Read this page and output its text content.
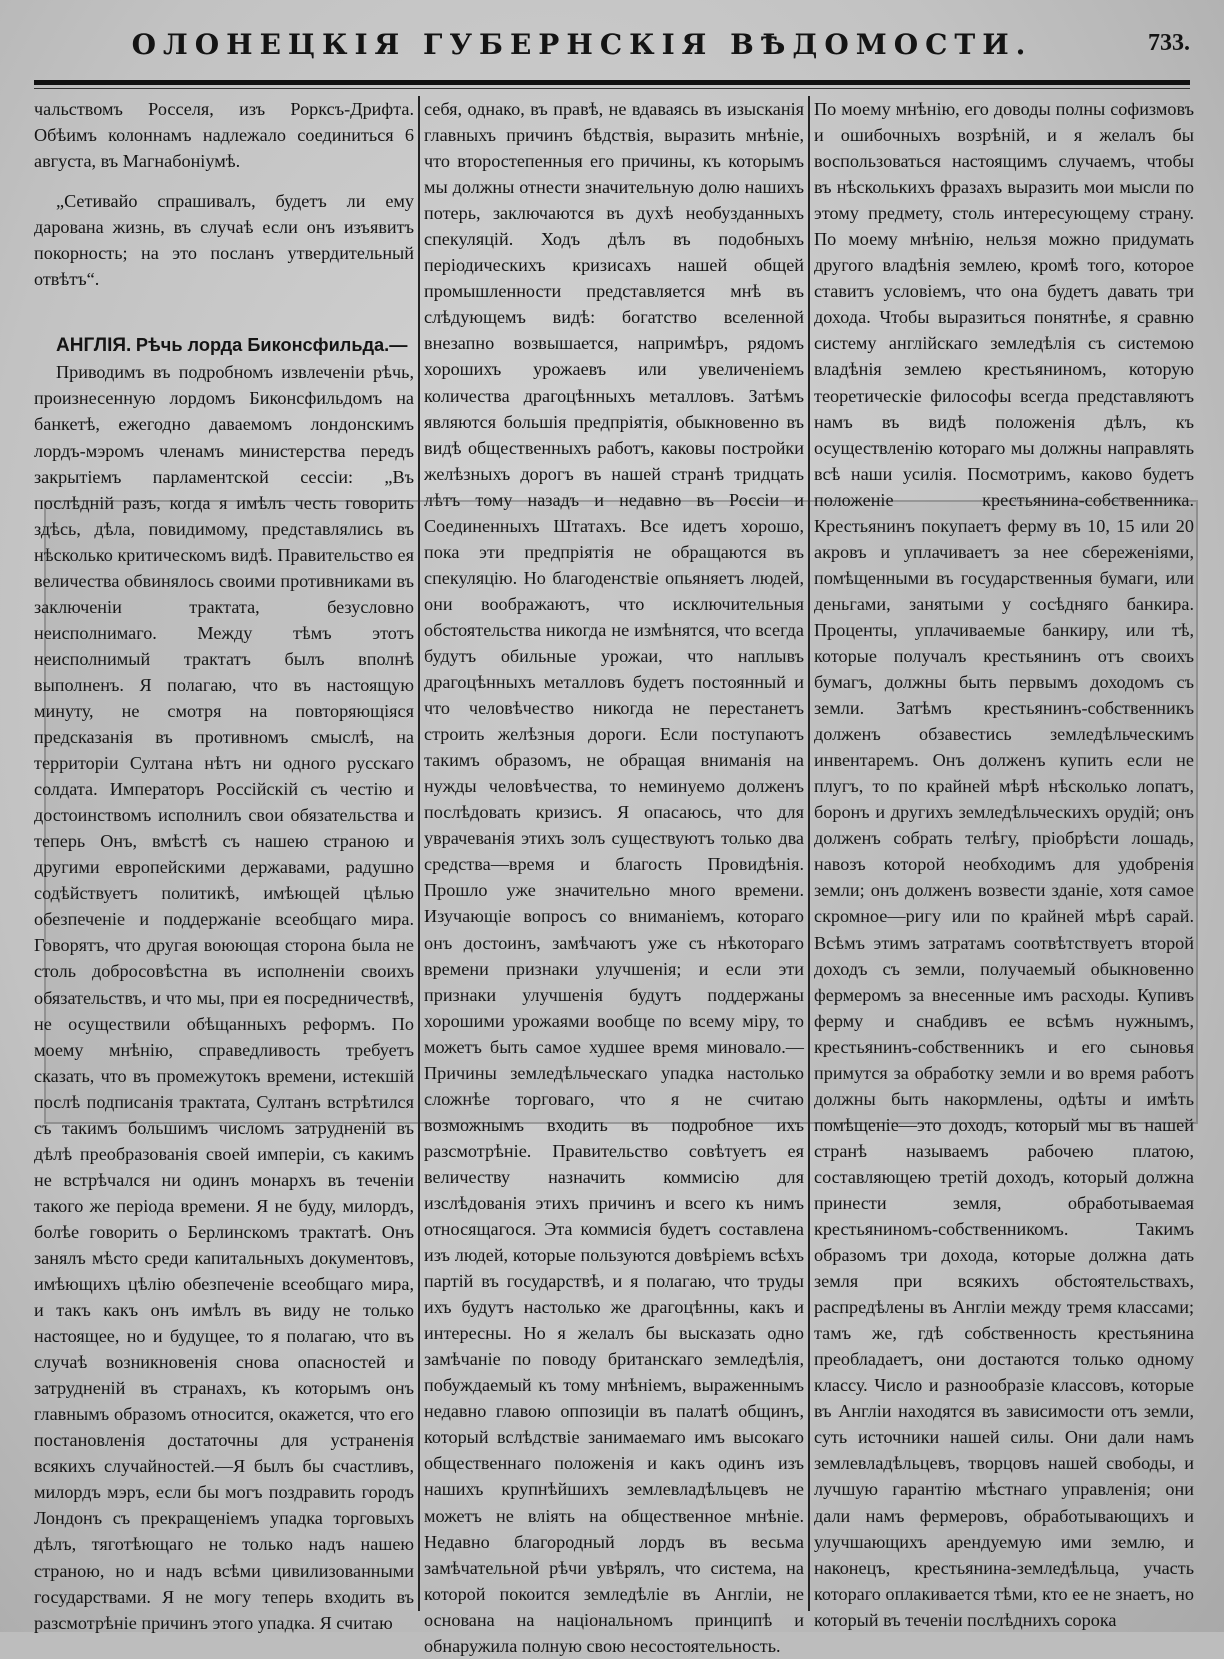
ОЛОНЕЦКІЯ ГУБЕРНСКІЯ ВѢДОМОСТИ.	733.

чальствомъ Росселя, изъ Рорксъ-Дрифта. Обѣимъ колоннамъ надлежало соединиться 6 августа, въ Магнабоніумѣ.

„Сетивайо спрашивалъ, будетъ ли ему дарована жизнь, въ случаѣ если онъ изъявитъ покорность; на это посланъ утвердительный отвѣтъ“.

АНГЛІЯ. Рѣчь лорда Биконсфильда.—

Приводимъ въ подробномъ извлеченіи рѣчь, произнесенную лордомъ Биконсфильдомъ на банкетѣ, ежегодно даваемомъ лондонскимъ лордъ-мэромъ членамъ министерства передъ закрытіемъ парламентской сессіи: „Въ послѣдній разъ, когда я имѣлъ честь говорить здѣсь, дѣла, повидимому, представлялись въ нѣсколько критическомъ видѣ. Правительство ея величества обвинялось своими противниками въ заключеніи трактата, безусловно неисполнимаго. Между тѣмъ этотъ неисполнимый трактатъ былъ вполнѣ выполненъ. Я полагаю, что въ настоящую минуту, не смотря на повторяющіяся предсказанія въ противномъ смыслѣ, на территоріи Султана нѣтъ ни одного русскаго солдата. Императоръ Россійскій съ честію и достоинствомъ исполнилъ свои обязательства и теперь Онъ, вмѣстѣ съ нашею страною и другими европейскими державами, радушно содѣйствуетъ политикѣ, имѣющей цѣлью обезпеченіе и поддержаніе всеобщаго мира. Говорятъ, что другая воюющая сторона была не столь добросовѣстна въ исполненіи своихъ обязательствъ, и что мы, при ея посредничествѣ, не осуществили обѣщанныхъ реформъ. По моему мнѣнію, справедливость требуетъ сказать, что въ промежутокъ времени, истекшій послѣ подписанія трактата, Султанъ встрѣтился съ такимъ большимъ числомъ затрудненій въ дѣлѣ преобразованія своей имперіи, съ какимъ не встрѣчался ни одинъ монархъ въ теченіи такого же періода времени. Я не буду, милордъ, болѣе говорить о Берлинскомъ трактатѣ. Онъ занялъ мѣсто среди капитальныхъ документовъ, имѣющихъ цѣлію обезпеченіе всеобщаго мира, и такъ какъ онъ имѣлъ въ виду не только настоящее, но и будущее, то я полагаю, что въ случаѣ возникновенія снова опасностей и затрудненій въ странахъ, къ которымъ онъ главнымъ образомъ относится, окажется, что его постановленія достаточны для устраненія всякихъ случайностей.—Я былъ бы счастливъ, милордъ мэръ, если бы могъ поздравить городъ Лондонъ съ прекращеніемъ упадка торговыхъ дѣлъ, тяготѣющаго не только надъ нашею страною, но и надъ всѣми цивилизованными государствами. Я не могу теперь входить въ разсмотрѣніе причинъ этого упадка. Я считаю

себя, однако, въ правѣ, не вдаваясь въ изысканія главныхъ причинъ бѣдствія, выразить мнѣніе, что второстепенныя его причины, къ которымъ мы должны отнести значительную долю нашихъ потерь, заключаются въ духѣ необузданныхъ спекуляцій. Ходъ дѣлъ въ подобныхъ періодическихъ кризисахъ нашей общей промышленности представляется мнѣ въ слѣдующемъ видѣ: богатство вселенной внезапно возвышается, напримѣръ, рядомъ хорошихъ урожаевъ или увеличеніемъ количества драгоцѣнныхъ металловъ. Затѣмъ являются большія предпріятія, обыкновенно въ видѣ общественныхъ работъ, каковы постройки желѣзныхъ дорогъ въ нашей странѣ тридцать лѣтъ тому назадъ и недавно въ Россіи и Соединенныхъ Штатахъ. Все идетъ хорошо, пока эти предпріятія не обращаются въ спекуляцію. Но благоденствіе опьяняетъ людей, они воображаютъ, что исключительныя обстоятельства никогда не измѣнятся, что всегда будутъ обильные урожаи, что наплывъ драгоцѣнныхъ металловъ будетъ постоянный и что человѣчество никогда не перестанетъ строить желѣзныя дороги. Если поступаютъ такимъ образомъ, не обращая вниманія на нужды человѣчества, то неминуемо долженъ послѣдовать кризисъ. Я опасаюсь, что для уврачеванія этихъ золъ существуютъ только два средства—время и благость Провидѣнія. Прошло уже значительно много времени. Изучающіе вопросъ со вниманіемъ, котораго онъ достоинъ, замѣчаютъ уже съ нѣкотораго времени признаки улучшенія; и если эти признаки улучшенія будутъ поддержаны хорошими урожаями вообще по всему міру, то можетъ быть самое худшее время миновало.—Причины земледѣльческаго упадка настолько сложнѣе торговаго, что я не считаю возможнымъ входить въ подробное ихъ разсмотрѣніе. Правительство совѣтуетъ ея величеству назначить коммисію для изслѣдованія этихъ причинъ и всего къ нимъ относящагося. Эта коммисія будетъ составлена изъ людей, которые пользуются довѣріемъ всѣхъ партій въ государствѣ, и я полагаю, что труды ихъ будутъ настолько же драгоцѣнны, какъ и интересны. Но я желалъ бы высказать одно замѣчаніе по поводу британскаго земледѣлія, побуждаемый къ тому мнѣніемъ, выраженнымъ недавно главою оппозиціи въ палатѣ общинъ, который вслѣдствіе занимаемаго имъ высокаго общественнаго положенія и какъ одинъ изъ нашихъ крупнѣйшихъ землевладѣльцевъ не можетъ не вліять на общественное мнѣніе. Недавно благородный лордъ въ весьма замѣчательной рѣчи увѣрялъ, что система, на которой покоится земледѣліе въ Англіи, не основана на національномъ принципѣ и обнаружила полную свою несостоятельность.

По моему мнѣнію, его доводы полны софизмовъ и ошибочныхъ возрѣній, и я желалъ бы воспользоваться настоящимъ случаемъ, чтобы въ нѣсколькихъ фразахъ выразить мои мысли по этому предмету, столь интересующему страну. По моему мнѣнію, нельзя можно придумать другого владѣнія землею, кромѣ того, которое ставитъ условіемъ, что она будетъ давать три дохода. Чтобы выразиться понятнѣе, я сравню систему англійскаго земледѣлія съ системою владѣнія землею крестьяниномъ, которую теоретическіе философы всегда представляютъ намъ въ видѣ положенія дѣлъ, къ осуществленію котораго мы должны направлять всѣ наши усилія. Посмотримъ, каково будетъ положеніе крестьянина-собственника. Крестьянинъ покупаетъ ферму въ 10, 15 или 20 акровъ и уплачиваетъ за нее сбереженіями, помѣщенными въ государственныя бумаги, или деньгами, занятыми у сосѣдняго банкира. Проценты, уплачиваемые банкиру, или тѣ, которые получалъ крестьянинъ отъ своихъ бумагъ, должны быть первымъ доходомъ съ земли. Затѣмъ крестьянинъ-собственникъ долженъ обзавестись земледѣльческимъ инвентаремъ. Онъ долженъ купить если не плугъ, то по крайней мѣрѣ нѣсколько лопатъ, боронъ и другихъ земледѣльческихъ орудій; онъ долженъ собрать телѣгу, пріобрѣсти лошадь, навозъ которой необходимъ для удобренія земли; онъ долженъ возвести зданіе, хотя самое скромное—ригу или по крайней мѣрѣ сарай. Всѣмъ этимъ затратамъ соотвѣтствуетъ второй доходъ съ земли, получаемый обыкновенно фермеромъ за внесенные имъ расходы. Купивъ ферму и снабдивъ ее всѣмъ нужнымъ, крестьянинъ-собственникъ и его сыновья примутся за обработку земли и во время работъ должны быть накормлены, одѣты и имѣть помѣщеніе—это доходъ, который мы въ нашей странѣ называемъ рабочею платою, составляющею третій доходъ, который должна принести земля, обработываемая крестьяниномъ-собственникомъ. Такимъ образомъ три дохода, которые должна дать земля при всякихъ обстоятельствахъ, распредѣлены въ Англіи между тремя классами; тамъ же, гдѣ собственность крестьянина преобладаетъ, они достаются только одному классу. Число и разнообразіе классовъ, которые въ Англіи находятся въ зависимости отъ земли, суть источники нашей силы. Они дали намъ землевладѣльцевъ, творцовъ нашей свободы, и лучшую гарантію мѣстнаго управленія; они дали намъ фермеровъ, обработывающихъ и улучшающихъ арендуемую ими землю, и наконецъ, крестьянина-земледѣльца, участь котораго оплакивается тѣми, кто ее не знаетъ, но который въ теченіи послѣднихъ сорока
